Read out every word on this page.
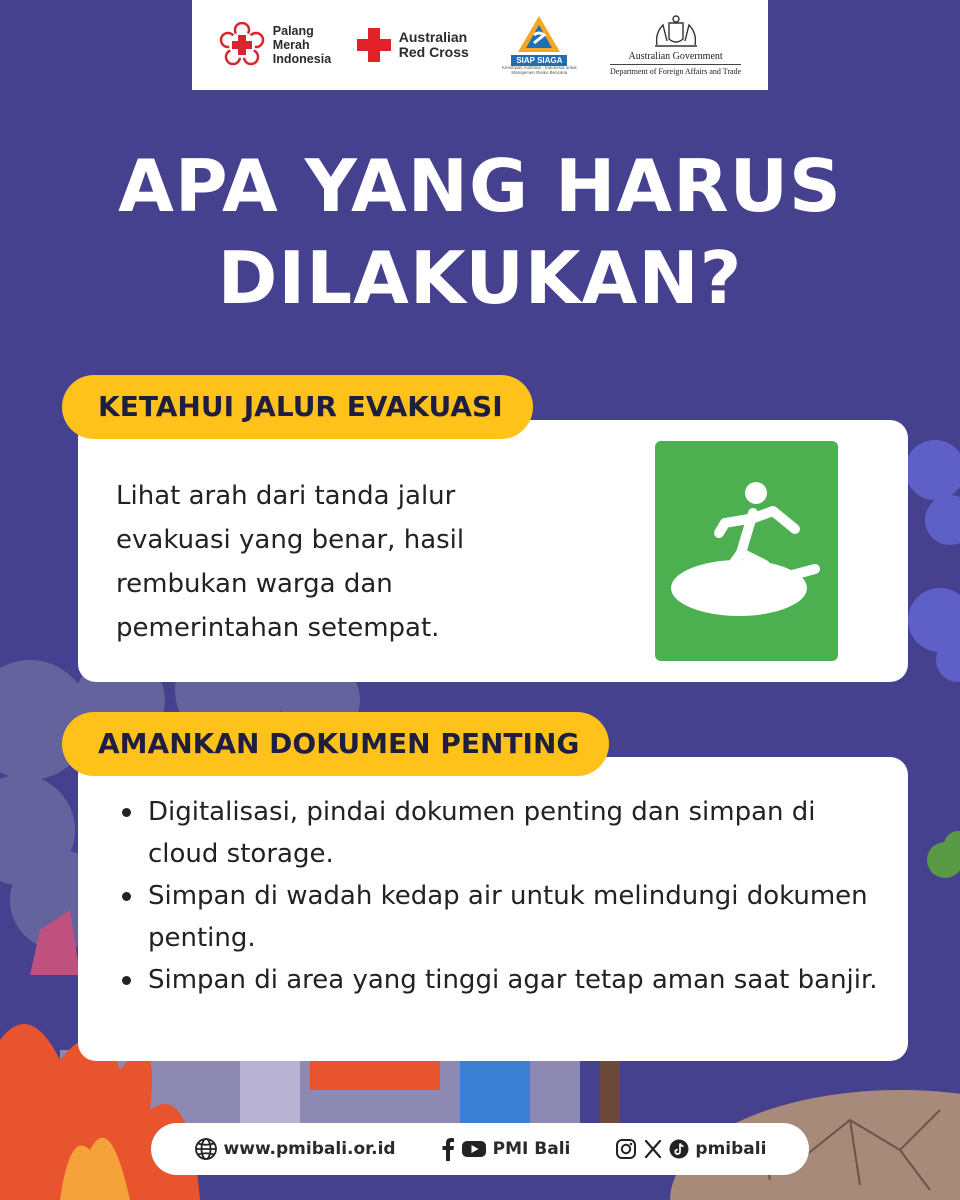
Palang
Merah
Indonesia
Australian
Red Cross
SIAP SIAGA
Kemitraan Australia - Indonesia untuk Manajemen Risiko Bencana
Australian Government
Department of Foreign Affairs and Trade
APA YANG HARUS
DILAKUKAN?
KETAHUI JALUR EVAKUASI
Lihat arah dari tanda jalur evakuasi yang benar, hasil rembukan warga dan pemerintahan setempat.
AMANKAN DOKUMEN PENTING
Digitalisasi, pindai dokumen penting dan simpan di cloud storage.
Simpan di wadah kedap air untuk melindungi dokumen penting.
Simpan di area yang tinggi agar tetap aman saat banjir.
www.pmibali.or.id	PMI Bali	pmibali
